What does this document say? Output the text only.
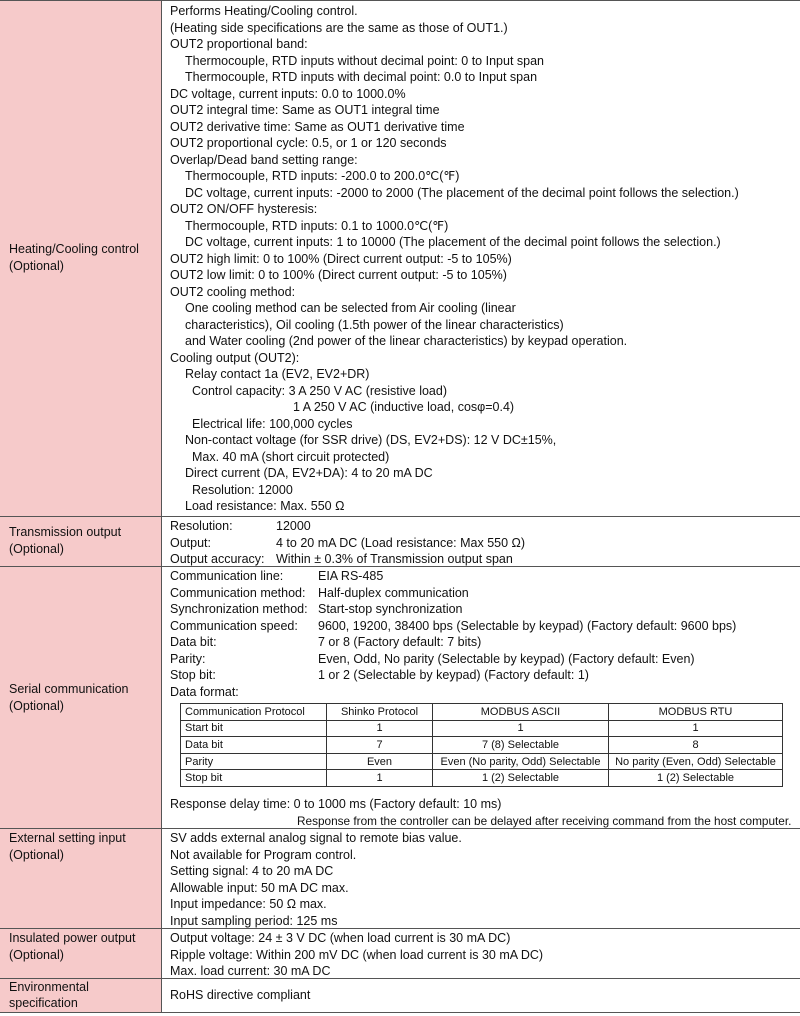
Heating/Cooling control
(Optional)
Performs Heating/Cooling control.
(Heating side specifications are the same as those of OUT1.)
OUT2 proportional band:
Thermocouple, RTD inputs without decimal point: 0 to Input span
Thermocouple, RTD inputs with decimal point: 0.0 to Input span
DC voltage, current inputs: 0.0 to 1000.0%
OUT2 integral time: Same as OUT1 integral time
OUT2 derivative time: Same as OUT1 derivative time
OUT2 proportional cycle: 0.5, or 1 or 120 seconds
Overlap/Dead band setting range:
Thermocouple, RTD inputs: -200.0 to 200.0℃(℉)
DC voltage, current inputs: -2000 to 2000 (The placement of the decimal point follows the selection.)
OUT2 ON/OFF hysteresis:
Thermocouple, RTD inputs: 0.1 to 1000.0℃(℉)
DC voltage, current inputs: 1 to 10000 (The placement of the decimal point follows the selection.)
OUT2 high limit: 0 to 100% (Direct current output: -5 to 105%)
OUT2 low limit: 0 to 100% (Direct current output: -5 to 105%)
OUT2 cooling method:
One cooling method can be selected from Air cooling (linear
characteristics), Oil cooling (1.5th power of the linear characteristics)
and Water cooling (2nd power of the linear characteristics) by keypad operation.
Cooling output (OUT2):
Relay contact 1a (EV2, EV2+DR)
Control capacity: 3 A 250 V AC (resistive load)
1 A 250 V AC (inductive load, cosφ=0.4)
Electrical life: 100,000 cycles
Non-contact voltage (for SSR drive) (DS, EV2+DS): 12 V DC±15%,
Max. 40 mA (short circuit protected)
Direct current (DA, EV2+DA): 4 to 20 mA DC
Resolution: 12000
Load resistance: Max. 550 Ω
Transmission output
(Optional)
Resolution:	12000
Output:	4 to 20 mA DC (Load resistance: Max 550 Ω)
Output accuracy: Within ± 0.3% of Transmission output span
Serial communication
(Optional)
Communication line:	EIA RS-485
Communication method: Half-duplex communication
Synchronization method: Start-stop synchronization
Communication speed: 9600, 19200, 38400 bps (Selectable by keypad) (Factory default: 9600 bps)
Data bit:	7 or 8 (Factory default: 7 bits)
Parity:	Even, Odd, No parity (Selectable by keypad) (Factory default: Even)
Stop bit:	1 or 2 (Selectable by keypad) (Factory default: 1)
Data format:
Response delay time: 0 to 1000 ms (Factory default: 10 ms)
Response from the controller can be delayed after receiving command from the host computer.
Communication Protocol	Shinko Protocol	MODBUS ASCII	MODBUS RTU
Start bit	1	1	1
Data bit	7	7 (8) Selectable	8
Parity	Even	Even (No parity, Odd) Selectable	No parity (Even, Odd) Selectable
Stop bit	1	1 (2) Selectable	1 (2) Selectable
External setting input
(Optional)
SV adds external analog signal to remote bias value.
Not available for Program control.
Setting signal: 4 to 20 mA DC
Allowable input: 50 mA DC max.
Input impedance: 50 Ω max.
Input sampling period: 125 ms
Insulated power output
(Optional)
Output voltage: 24 ± 3 V DC (when load current is 30 mA DC)
Ripple voltage: Within 200 mV DC (when load current is 30 mA DC)
Max. load current: 30 mA DC
Environmental
specification
RoHS directive compliant
